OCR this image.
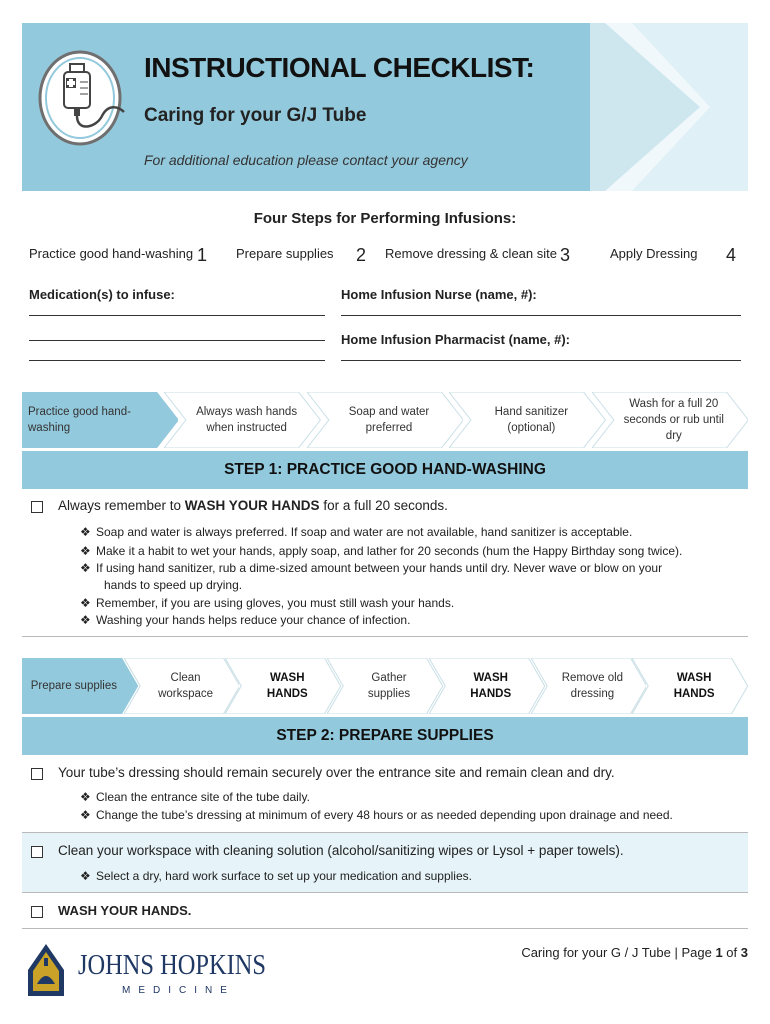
INSTRUCTIONAL CHECKLIST:
Caring for your G/J Tube
For additional education please contact your agency
Four Steps for Performing Infusions:
Practice good hand-washing 1 Prepare supplies 2 Remove dressing & clean site 3	Apply Dressing 4
Medication(s) to infuse:	Home Infusion Nurse (name, #):
Home Infusion Pharmacist (name, #):
Practice good hand-washing
Always wash hands when instructed
Soap and water preferred
Hand sanitizer (optional)
Wash for a full 20 seconds or rub until dry
STEP 1: PRACTICE GOOD HAND-WASHING
Always remember to WASH YOUR HANDS for a full 20 seconds.
❖ Soap and water is always preferred. If soap and water are not available, hand sanitizer is acceptable.
❖ Make it a habit to wet your hands, apply soap, and lather for 20 seconds (hum the Happy Birthday song twice).
❖ If using hand sanitizer, rub a dime-sized amount between your hands until dry. Never wave or blow on your
hands to speed up drying.
❖ Remember, if you are using gloves, you must still wash your hands.
❖ Washing your hands helps reduce your chance of infection.
Prepare supplies
Clean workspace
WASH HANDS
Gather supplies
WASH HANDS
Remove old dressing
WASH HANDS
STEP 2: PREPARE SUPPLIES
Your tube’s dressing should remain securely over the entrance site and remain clean and dry.
❖ Clean the entrance site of the tube daily.
❖ Change the tube’s dressing at minimum of every 48 hours or as needed depending upon drainage and need.
Clean your workspace with cleaning solution (alcohol/sanitizing wipes or Lysol + paper towels).
❖ Select a dry, hard work surface to set up your medication and supplies.
WASH YOUR HANDS.
JOHNS HOPKINS
MEDICINE
Caring for your G / J Tube | Page 1 of 3
